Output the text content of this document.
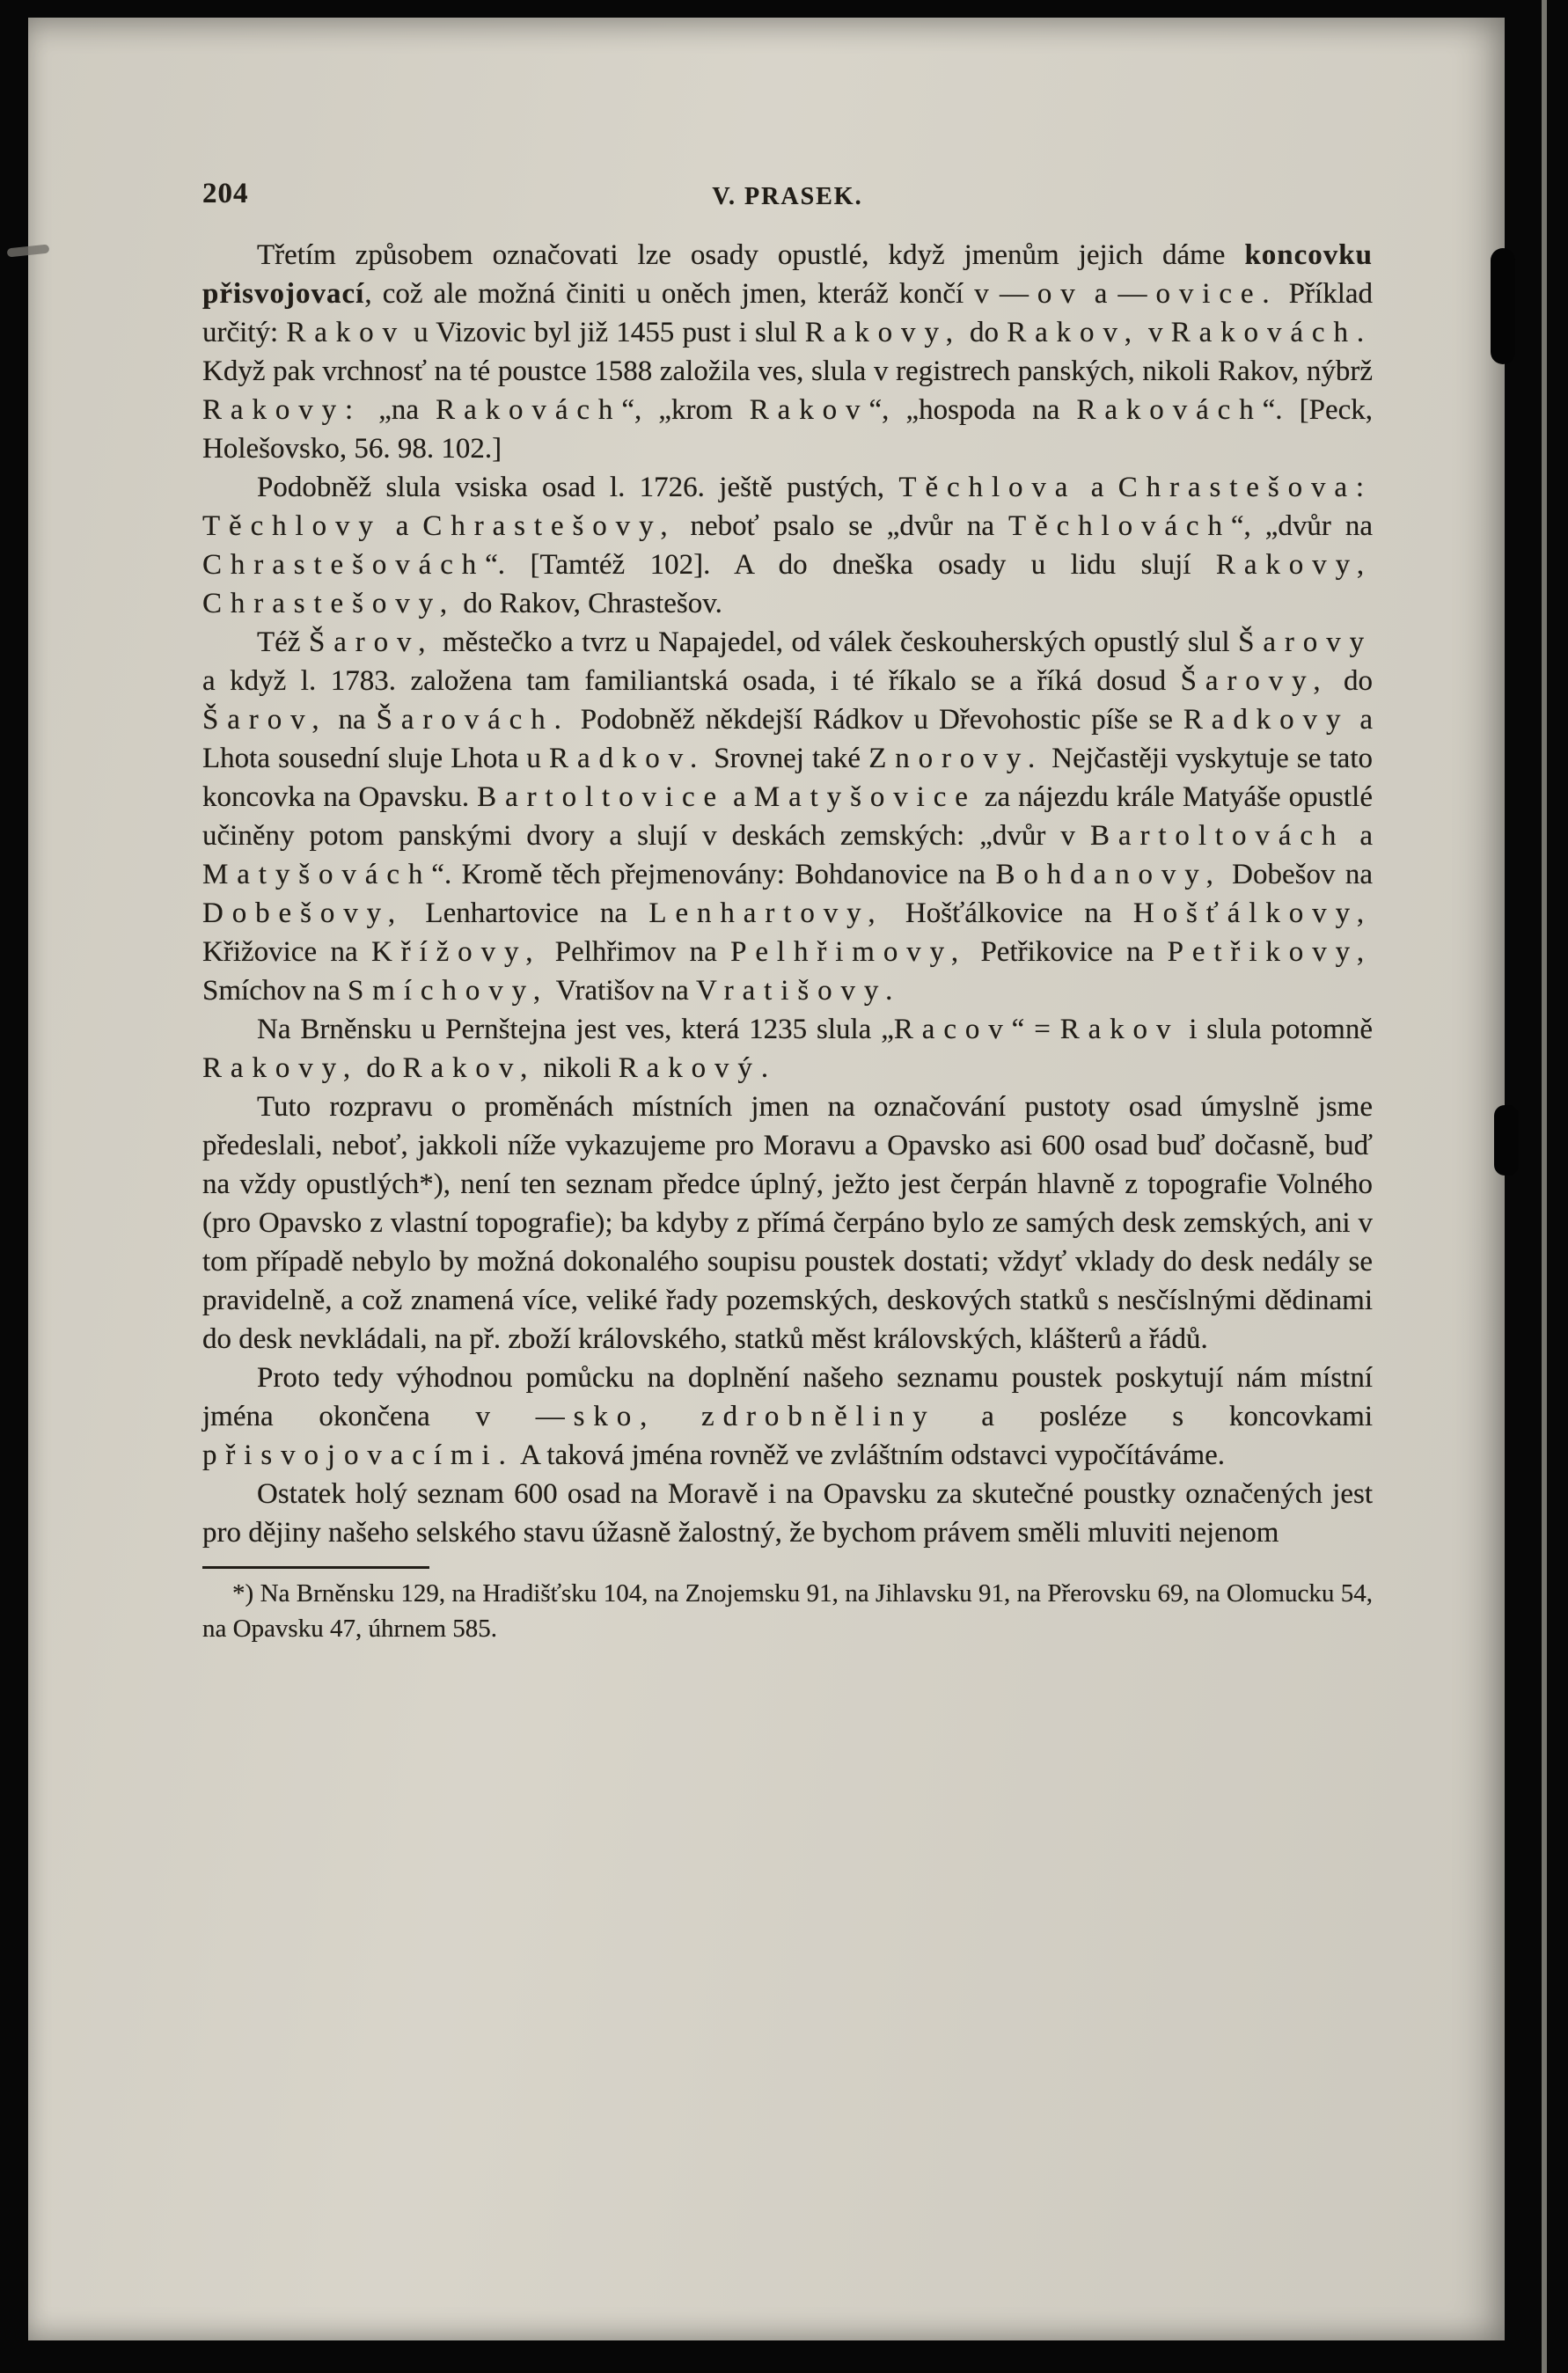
204	V. PRASEK.

Třetím způsobem označovati lze osady opustlé, když jmenům jejich dáme koncovku přisvojovací, což ale možná činiti u oněch jmen, kteráž končí v —ov a —ovice. Příklad určitý: Rakov u Vizovic byl již 1455 pust i slul Rakovy, do Rakov, v Rakovách. Když pak vrchnosť na té poustce 1588 založila ves, slula v registrech panských, nikoli Rakov, nýbrž Rakovy: „na Rakovách“, „krom Rakov“, „hospoda na Rakovách“. [Peck, Holešovsko, 56. 98. 102.]

Podobněž slula vsiska osad l. 1726. ještě pustých, Těchlova a Chrastešova: Těchlovy a Chrastešovy, neboť psalo se „dvůr na Těchlovách“, „dvůr na Chrastešovách“. [Tamtéž 102]. A do dneška osady u lidu slují Rakovy, Chrastešovy, do Rakov, Chrastešov.

Též Šarov, městečko a tvrz u Napajedel, od válek českouherských opustlý slul Šarovy a když l. 1783. založena tam familiantská osada, i té říkalo se a říká dosud Šarovy, do Šarov, na Šarovách. Podobněž někdejší Rádkov u Dřevohostic píše se Radkovy a Lhota sousední sluje Lhota u Radkov. Srovnej také Znorovy. Nejčastěji vyskytuje se tato koncovka na Opavsku. Bartoltovice a Matyšovice za nájezdu krále Matyáše opustlé učiněny potom panskými dvory a slují v deskách zemských: „dvůr v Bartoltovách a Matyšovách“. Kromě těch přejmenovány: Bohdanovice na Bohdanovy, Dobešov na Dobešovy, Lenhartovice na Lenhartovy, Hošťálkovice na Hošťálkovy, Křižovice na Křížovy, Pelhřimov na Pelhřimovy, Petřikovice na Petřikovy, Smíchov na Smíchovy, Vratišov na Vratišovy.

Na Brněnsku u Pernštejna jest ves, která 1235 slula „Racov“ = Rakov i slula potomně Rakovy, do Rakov, nikoli Rakový.

Tuto rozpravu o proměnách místních jmen na označování pustoty osad úmyslně jsme předeslali, neboť, jakkoli níže vykazujeme pro Moravu a Opavsko asi 600 osad buď dočasně, buď na vždy opustlých*), není ten seznam předce úplný, ježto jest čerpán hlavně z topografie Volného (pro Opavsko z vlastní topografie); ba kdyby z přímá čerpáno bylo ze samých desk zemských, ani v tom případě nebylo by možná dokonalého soupisu poustek dostati; vždyť vklady do desk nedály se pravidelně, a což znamená více, veliké řady pozemských, deskových statků s nesčíslnými dědinami do desk nevkládali, na př. zboží královského, statků měst královských, klášterů a řádů.

Proto tedy výhodnou pomůcku na doplnění našeho seznamu poustek poskytují nám místní jména okončena v —sko, zdrobněliny a posléze s koncovkami přisvojovacími. A taková jména rovněž ve zvláštním odstavci vypočítáváme.

Ostatek holý seznam 600 osad na Moravě i na Opavsku za skutečné poustky označených jest pro dějiny našeho selského stavu úžasně žalostný, že bychom právem směli mluviti nejenom

*) Na Brněnsku 129, na Hradišťsku 104, na Znojemsku 91, na Jihlavsku 91, na Přerovsku 69, na Olomucku 54, na Opavsku 47, úhrnem 585.
